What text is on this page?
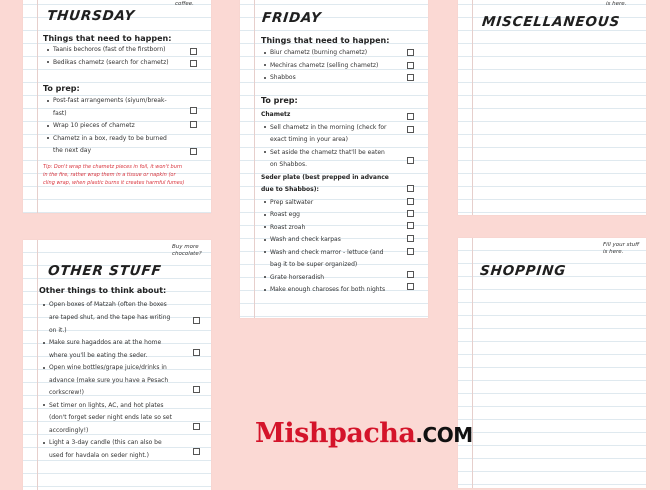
coffee.
THURSDAY
Things that need to happen:
Taanis bechoros (fast of the firstborn)
Bedikas chametz (search for chametz)
To prep:
Post-fast arrangements (siyum/break-
fast)
Wrap 10 pieces of chametz
Chametz in a box, ready to be burned
the next day
Tip: Don't wrap the chametz pieces in foil, it won't burn
in the fire, rather wrap them in a tissue or napkin (or
cling wrap, when plastic burns it creates harmful fumes)
FRIDAY
Things that need to happen:
Biur chametz (burning chametz)
Mechiras chametz (selling chametz)
Shabbos
To prep:
Chametz
Sell chametz in the morning (check for
exact timing in your area)
Set aside the chametz that'll be eaten
on Shabbos.
Seder plate (best prepped in advance
due to Shabbos):
Prep saltwater
Roast egg
Roast zroah
Wash and check karpas
Wash and check marror - lettuce (and
bag it to be super organized)
Grate horseradish
Make enough charoses for both nights
is here.
MISCELLANEOUS
Buy more
chocolate?
OTHER STUFF
Other things to think about:
Open boxes of Matzah (often the boxes
are taped shut, and the tape has writing
on it.)
Make sure hagaddos are at the home
where you'll be eating the seder.
Open wine bottles/grape juice/drinks in
advance (make sure you have a Pesach
corkscrew!)
Set timer on lights, AC, and hot plates
(don't forget seder night ends late so set
accordingly!)
Light a 3-day candle (this can also be
used for havdala on seder night.)
Fill your stuff
is here.
SHOPPING
Mishpacha.COM
